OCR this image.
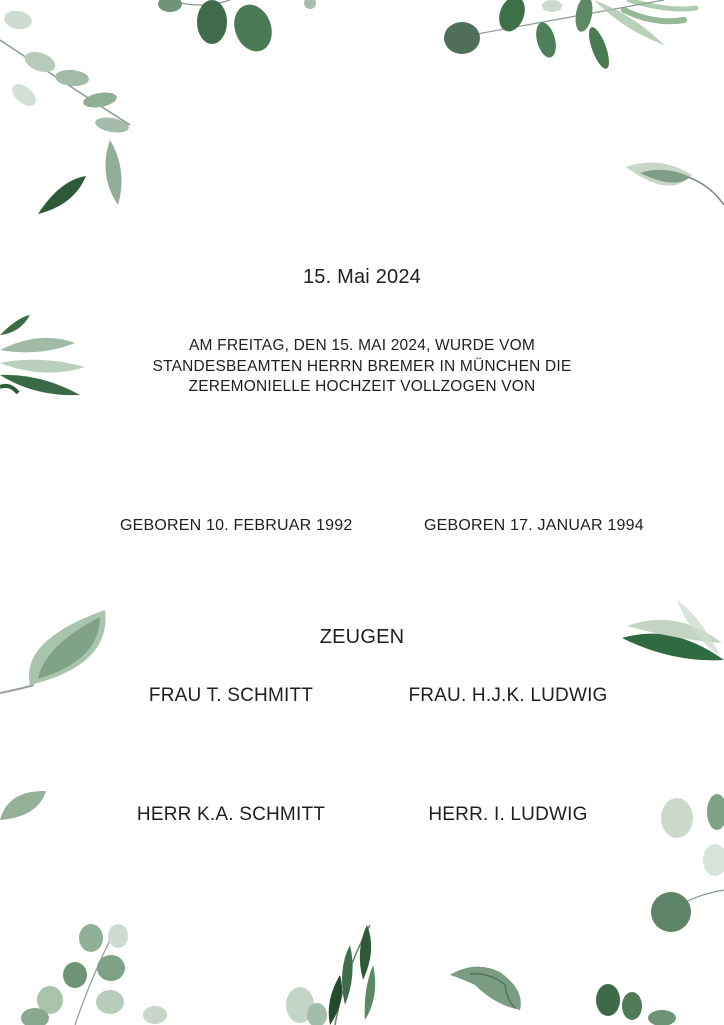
15. Mai 2024

AM FREITAG, DEN 15. MAI 2024, WURDE VOM
STANDESBEAMTEN HERRN BREMER IN MÜNCHEN DIE
ZEREMONIELLE HOCHZEIT VOLLZOGEN VON

GEBOREN 10. FEBRUAR 1992	GEBOREN 17. JANUAR 1994

ZEUGEN

FRAU T. SCHMITT	FRAU. H.J.K. LUDWIG

HERR K.A. SCHMITT	HERR. I. LUDWIG
